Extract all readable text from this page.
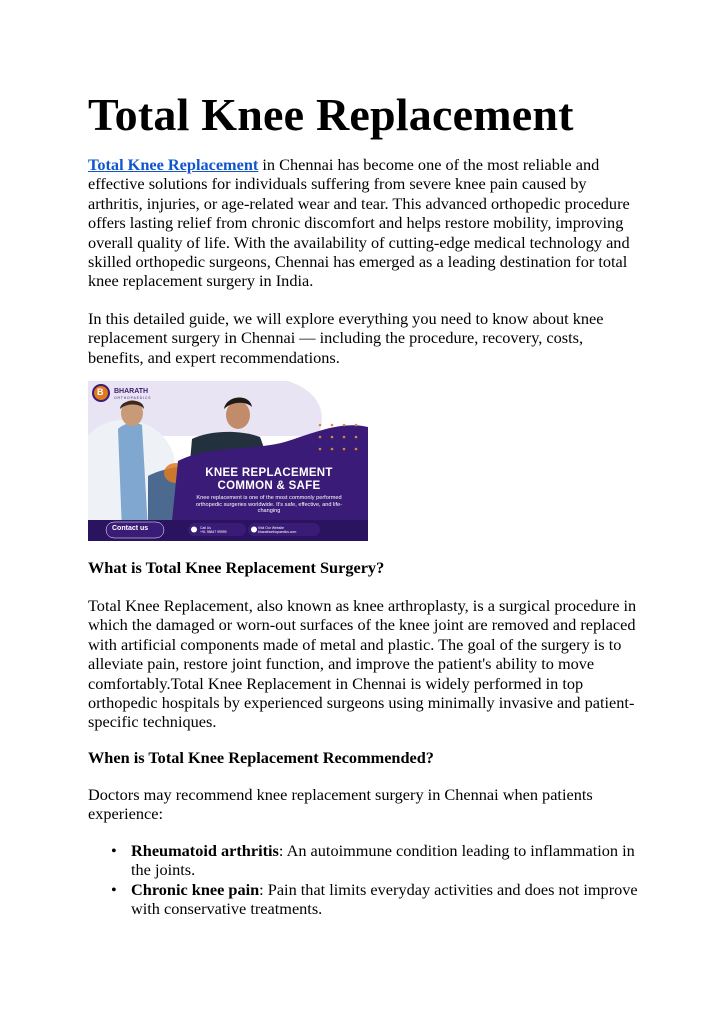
Total Knee Replacement

Total Knee Replacement in Chennai has become one of the most reliable and effective solutions for individuals suffering from severe knee pain caused by arthritis, injuries, or age-related wear and tear. This advanced orthopedic procedure offers lasting relief from chronic discomfort and helps restore mobility, improving overall quality of life. With the availability of cutting-edge medical technology and skilled orthopedic surgeons, Chennai has emerged as a leading destination for total knee replacement surgery in India.

In this detailed guide, we will explore everything you need to know about knee replacement surgery in Chennai — including the procedure, recovery, costs, benefits, and expert recommendations.

What is Total Knee Replacement Surgery?

Total Knee Replacement, also known as knee arthroplasty, is a surgical procedure in which the damaged or worn-out surfaces of the knee joint are removed and replaced with artificial components made of metal and plastic. The goal of the surgery is to alleviate pain, restore joint function, and improve the patient's ability to move comfortably.Total Knee Replacement in Chennai is widely performed in top orthopedic hospitals by experienced surgeons using minimally invasive and patient-specific techniques.

When is Total Knee Replacement Recommended?

Doctors may recommend knee replacement surgery in Chennai when patients experience:

• Rheumatoid arthritis: An autoimmune condition leading to inflammation in the joints.
• Chronic knee pain: Pain that limits everyday activities and does not improve with conservative treatments.
B BHARATH
ORTHOPAEDICS
KNEE REPLACEMENT
COMMON & SAFE
Knee replacement is one of the most commonly performed orthopedic surgeries worldwide. It's safe, effective, and life-changing
Contact us	Call Us
+91 98847 99999
Visit Our Website
bharathorthopaedics.com
